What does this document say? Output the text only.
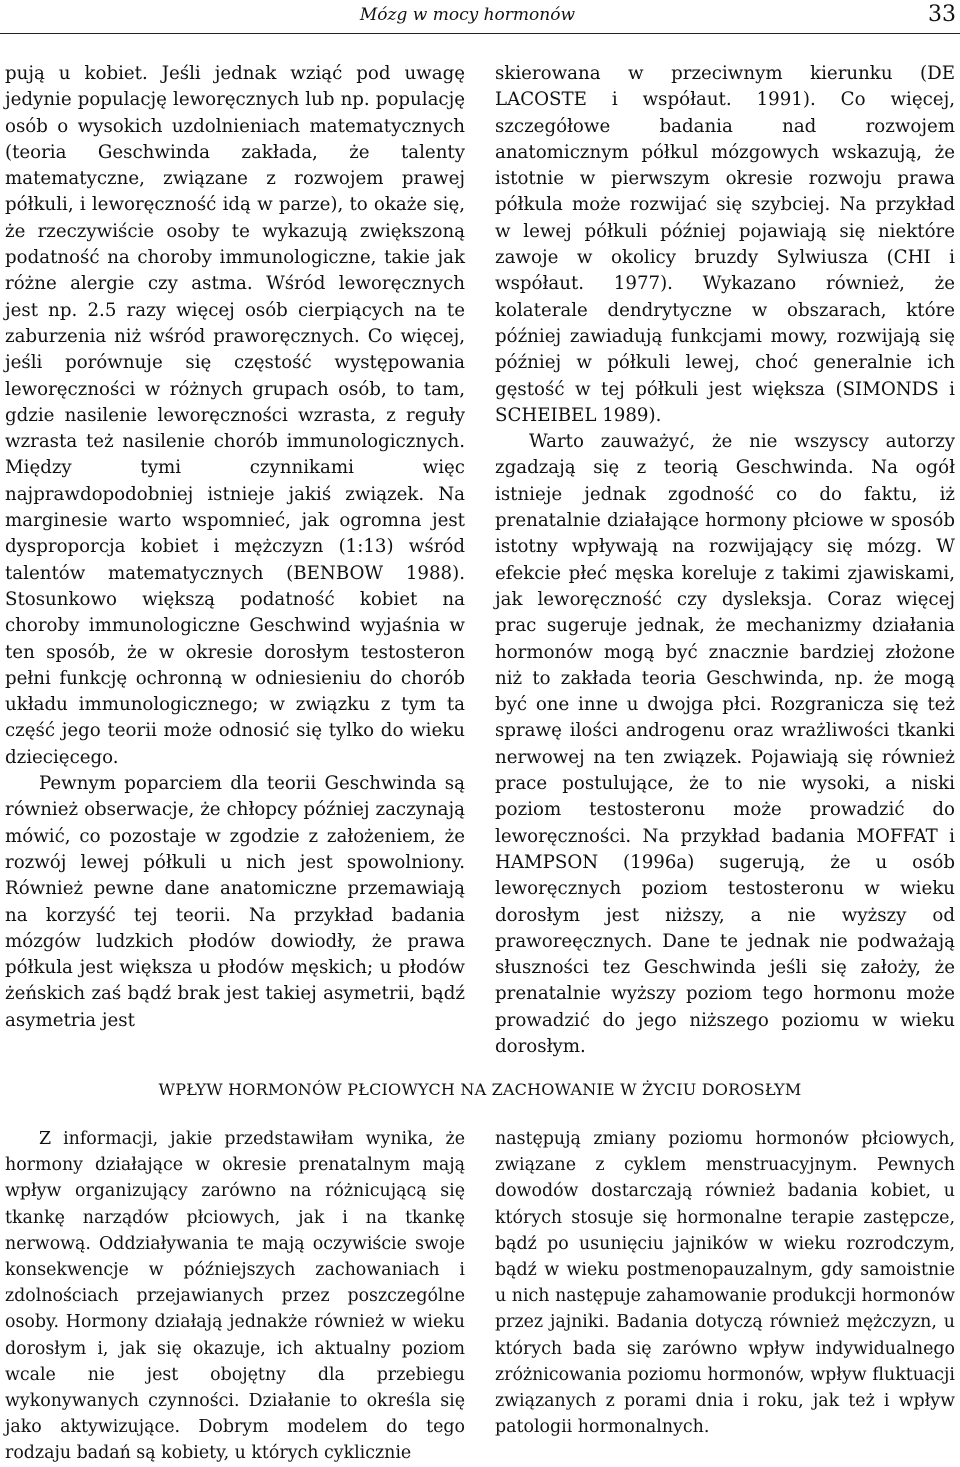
Mózg w mocy hormonów	33

pują u kobiet. Jeśli jednak wziąć pod uwagę jedynie populację leworęcznych lub np. populację osób o wysokich uzdolnieniach matematycznych (teoria Geschwinda zakłada, że talenty matematyczne, związane z rozwojem prawej półkuli, i leworęczność idą w parze), to okaże się, że rzeczywiście osoby te wykazują zwiększoną podatność na choroby immunologiczne, takie jak różne alergie czy astma. Wśród leworęcznych jest np. 2.5 razy więcej osób cierpiących na te zaburzenia niż wśród praworęcznych. Co więcej, jeśli porównuje się częstość występowania leworęczności w różnych grupach osób, to tam, gdzie nasilenie leworęczności wzrasta, z reguły wzrasta też nasilenie chorób immunologicznych. Między tymi czynnikami więc najprawdopodobniej istnieje jakiś związek. Na marginesie warto wspomnieć, jak ogromna jest dysproporcja kobiet i mężczyzn (1:13) wśród talentów matematycznych (BENBOW 1988). Stosunkowo większą podatność kobiet na choroby immunologiczne Geschwind wyjaśnia w ten sposób, że w okresie dorosłym testosteron pełni funkcję ochronną w odniesieniu do chorób układu immunologicznego; w związku z tym ta część jego teorii może odnosić się tylko do wieku dziecięcego.

Pewnym poparciem dla teorii Geschwinda są również obserwacje, że chłopcy później zaczynają mówić, co pozostaje w zgodzie z założeniem, że rozwój lewej półkuli u nich jest spowolniony. Również pewne dane anatomiczne przemawiają na korzyść tej teorii. Na przykład badania mózgów ludzkich płodów dowiodły, że prawa półkula jest większa u płodów męskich; u płodów żeńskich zaś bądź brak jest takiej asymetrii, bądź asymetria jest

skierowana w przeciwnym kierunku (DE LACOSTE i współaut. 1991). Co więcej, szczegółowe badania nad rozwojem anatomicznym półkul mózgowych wskazują, że istotnie w pierwszym okresie rozwoju prawa półkula może rozwijać się szybciej. Na przykład w lewej półkuli później pojawiają się niektóre zawoje w okolicy bruzdy Sylwiusza (CHI i współaut. 1977). Wykazano również, że kolaterale dendrytyczne w obszarach, które później zawiadują funkcjami mowy, rozwijają się później w półkuli lewej, choć generalnie ich gęstość w tej półkuli jest większa (SIMONDS i SCHEIBEL 1989).

Warto zauważyć, że nie wszyscy autorzy zgadzają się z teorią Geschwinda. Na ogół istnieje jednak zgodność co do faktu, iż prenatalnie działające hormony płciowe w sposób istotny wpływają na rozwijający się mózg. W efekcie płeć męska koreluje z takimi zjawiskami, jak leworęczność czy dysleksja. Coraz więcej prac sugeruje jednak, że mechanizmy działania hormonów mogą być znacznie bardziej złożone niż to zakłada teoria Geschwinda, np. że mogą być one inne u dwojga płci. Rozgranicza się też sprawę ilości androgenu oraz wrażliwości tkanki nerwowej na ten związek. Pojawiają się również prace postulujące, że to nie wysoki, a niski poziom testosteronu może prowadzić do leworęczności. Na przykład badania MOFFAT i HAMPSON (1996a) sugerują, że u osób leworęcznych poziom testosteronu w wieku dorosłym jest niższy, a nie wyższy od praworeęcznych. Dane te jednak nie podważają słuszności tez Geschwinda jeśli się założy, że prenatalnie wyższy poziom tego hormonu może prowadzić do jego niższego poziomu w wieku dorosłym.

WPŁYW HORMONÓW PŁCIOWYCH NA ZACHOWANIE W ŻYCIU DOROSŁYM

Z informacji, jakie przedstawiłam wynika, że hormony działające w okresie prenatalnym mają wpływ organizujący zarówno na różnicującą się tkankę narządów płciowych, jak i na tkankę nerwową. Oddziaływania te mają oczywiście swoje konsekwencje w późniejszych zachowaniach i zdolnościach przejawianych przez poszczególne osoby. Hormony działają jednakże również w wieku dorosłym i, jak się okazuje, ich aktualny poziom wcale nie jest obojętny dla przebiegu wykonywanych czynności. Działanie to określa się jako aktywizujące. Dobrym modelem do tego rodzaju badań są kobiety, u których cyklicznie

następują zmiany poziomu hormonów płciowych, związane z cyklem menstruacyjnym. Pewnych dowodów dostarczają również badania kobiet, u których stosuje się hormonalne terapie zastępcze, bądź po usunięciu jajników w wieku rozrodczym, bądź w wieku postmenopauzalnym, gdy samoistnie u nich następuje zahamowanie produkcji hormonów przez jajniki. Badania dotyczą również mężczyzn, u których bada się zarówno wpływ indywidualnego zróżnicowania poziomu hormonów, wpływ fluktuacji związanych z porami dnia i roku, jak też i wpływ patologii hormonalnych.
